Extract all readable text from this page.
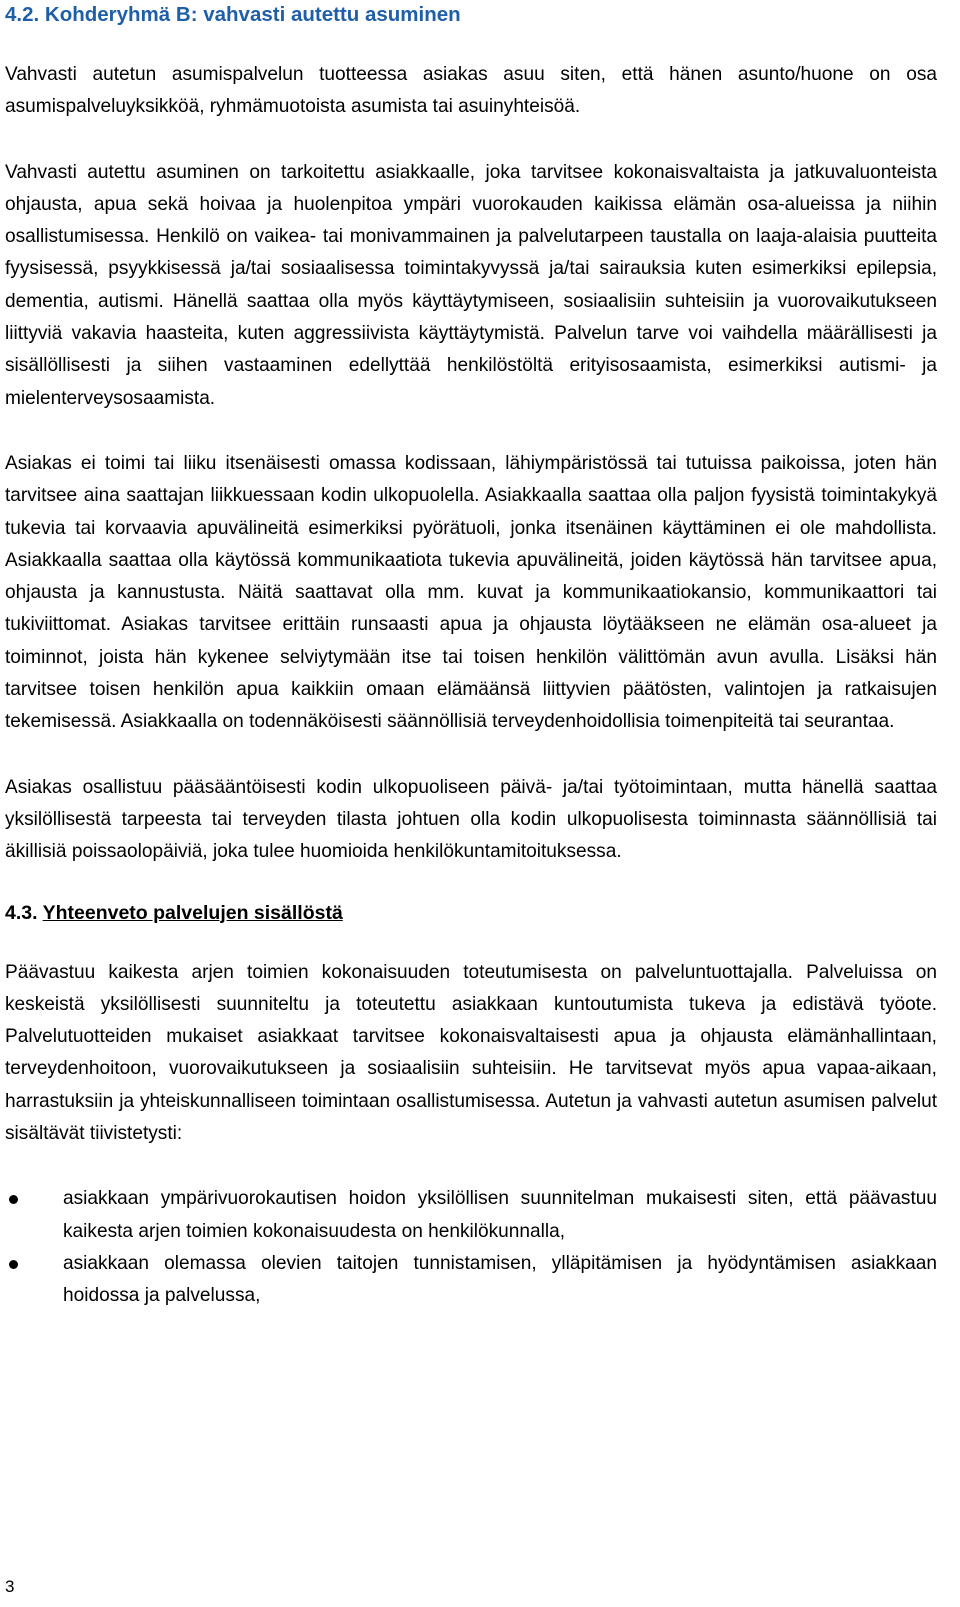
4.2. Kohderyhmä B: vahvasti autettu asuminen

Vahvasti autetun asumispalvelun tuotteessa asiakas asuu siten, että hänen asunto/huone on osa asumispalveluyksikköä, ryhmämuotoista asumista tai asuinyhteisöä.

Vahvasti autettu asuminen on tarkoitettu asiakkaalle, joka tarvitsee kokonaisvaltaista ja jatkuvaluonteista ohjausta, apua sekä hoivaa ja huolenpitoa ympäri vuorokauden kaikissa elämän osa-alueissa ja niihin osallistumisessa. Henkilö on vaikea- tai monivammainen ja palvelutarpeen taustalla on laaja-alaisia puutteita fyysisessä, psyykkisessä ja/tai sosiaalisessa toimintakyvyssä ja/tai sairauksia kuten esimerkiksi epilepsia, dementia, autismi. Hänellä saattaa olla myös käyttäytymiseen, sosiaalisiin suhteisiin ja vuorovaikutukseen liittyviä vakavia haasteita, kuten aggressiivista käyttäytymistä. Palvelun tarve voi vaihdella määrällisesti ja sisällöllisesti ja siihen vastaaminen edellyttää henkilöstöltä erityisosaamista, esimerkiksi autismi- ja mielenterveysosaamista.

Asiakas ei toimi tai liiku itsenäisesti omassa kodissaan, lähiympäristössä tai tutuissa paikoissa, joten hän tarvitsee aina saattajan liikkuessaan kodin ulkopuolella. Asiakkaalla saattaa olla paljon fyysistä toimintakykyä tukevia tai korvaavia apuvälineitä esimerkiksi pyörätuoli, jonka itsenäinen käyttäminen ei ole mahdollista. Asiakkaalla saattaa olla käytössä kommunikaatiota tukevia apuvälineitä, joiden käytössä hän tarvitsee apua, ohjausta ja kannustusta. Näitä saattavat olla mm. kuvat ja kommunikaatiokansio, kommunikaattori tai tukiviittomat. Asiakas tarvitsee erittäin runsaasti apua ja ohjausta löytääkseen ne elämän osa-alueet ja toiminnot, joista hän kykenee selviytymään itse tai toisen henkilön välittömän avun avulla. Lisäksi hän tarvitsee toisen henkilön apua kaikkiin omaan elämäänsä liittyvien päätösten, valintojen ja ratkaisujen tekemisessä. Asiakkaalla on todennäköisesti säännöllisiä terveydenhoidollisia toimenpiteitä tai seurantaa.

Asiakas osallistuu pääsääntöisesti kodin ulkopuoliseen päivä- ja/tai työtoimintaan, mutta hänellä saattaa yksilöllisestä tarpeesta tai terveyden tilasta johtuen olla kodin ulkopuolisesta toiminnasta säännöllisiä tai äkillisiä poissaolopäiviä, joka tulee huomioida henkilökuntamitoituksessa.

4.3. Yhteenveto palvelujen sisällöstä

Päävastuu kaikesta arjen toimien kokonaisuuden toteutumisesta on palveluntuottajalla. Palveluissa on keskeistä yksilöllisesti suunniteltu ja toteutettu asiakkaan kuntoutumista tukeva ja edistävä työote. Palvelutuotteiden mukaiset asiakkaat tarvitsee kokonaisvaltaisesti apua ja ohjausta elämänhallintaan, terveydenhoitoon, vuorovaikutukseen ja sosiaalisiin suhteisiin. He tarvitsevat myös apua vapaa-aikaan, harrastuksiin ja yhteiskunnalliseen toimintaan osallistumisessa. Autetun ja vahvasti autetun asumisen palvelut sisältävät tiivistetysti:

asiakkaan ympärivuorokautisen hoidon yksilöllisen suunnitelman mukaisesti siten, että päävastuu kaikesta arjen toimien kokonaisuudesta on henkilökunnalla,
asiakkaan olemassa olevien taitojen tunnistamisen, ylläpitämisen ja hyödyntämisen asiakkaan hoidossa ja palvelussa,
3
